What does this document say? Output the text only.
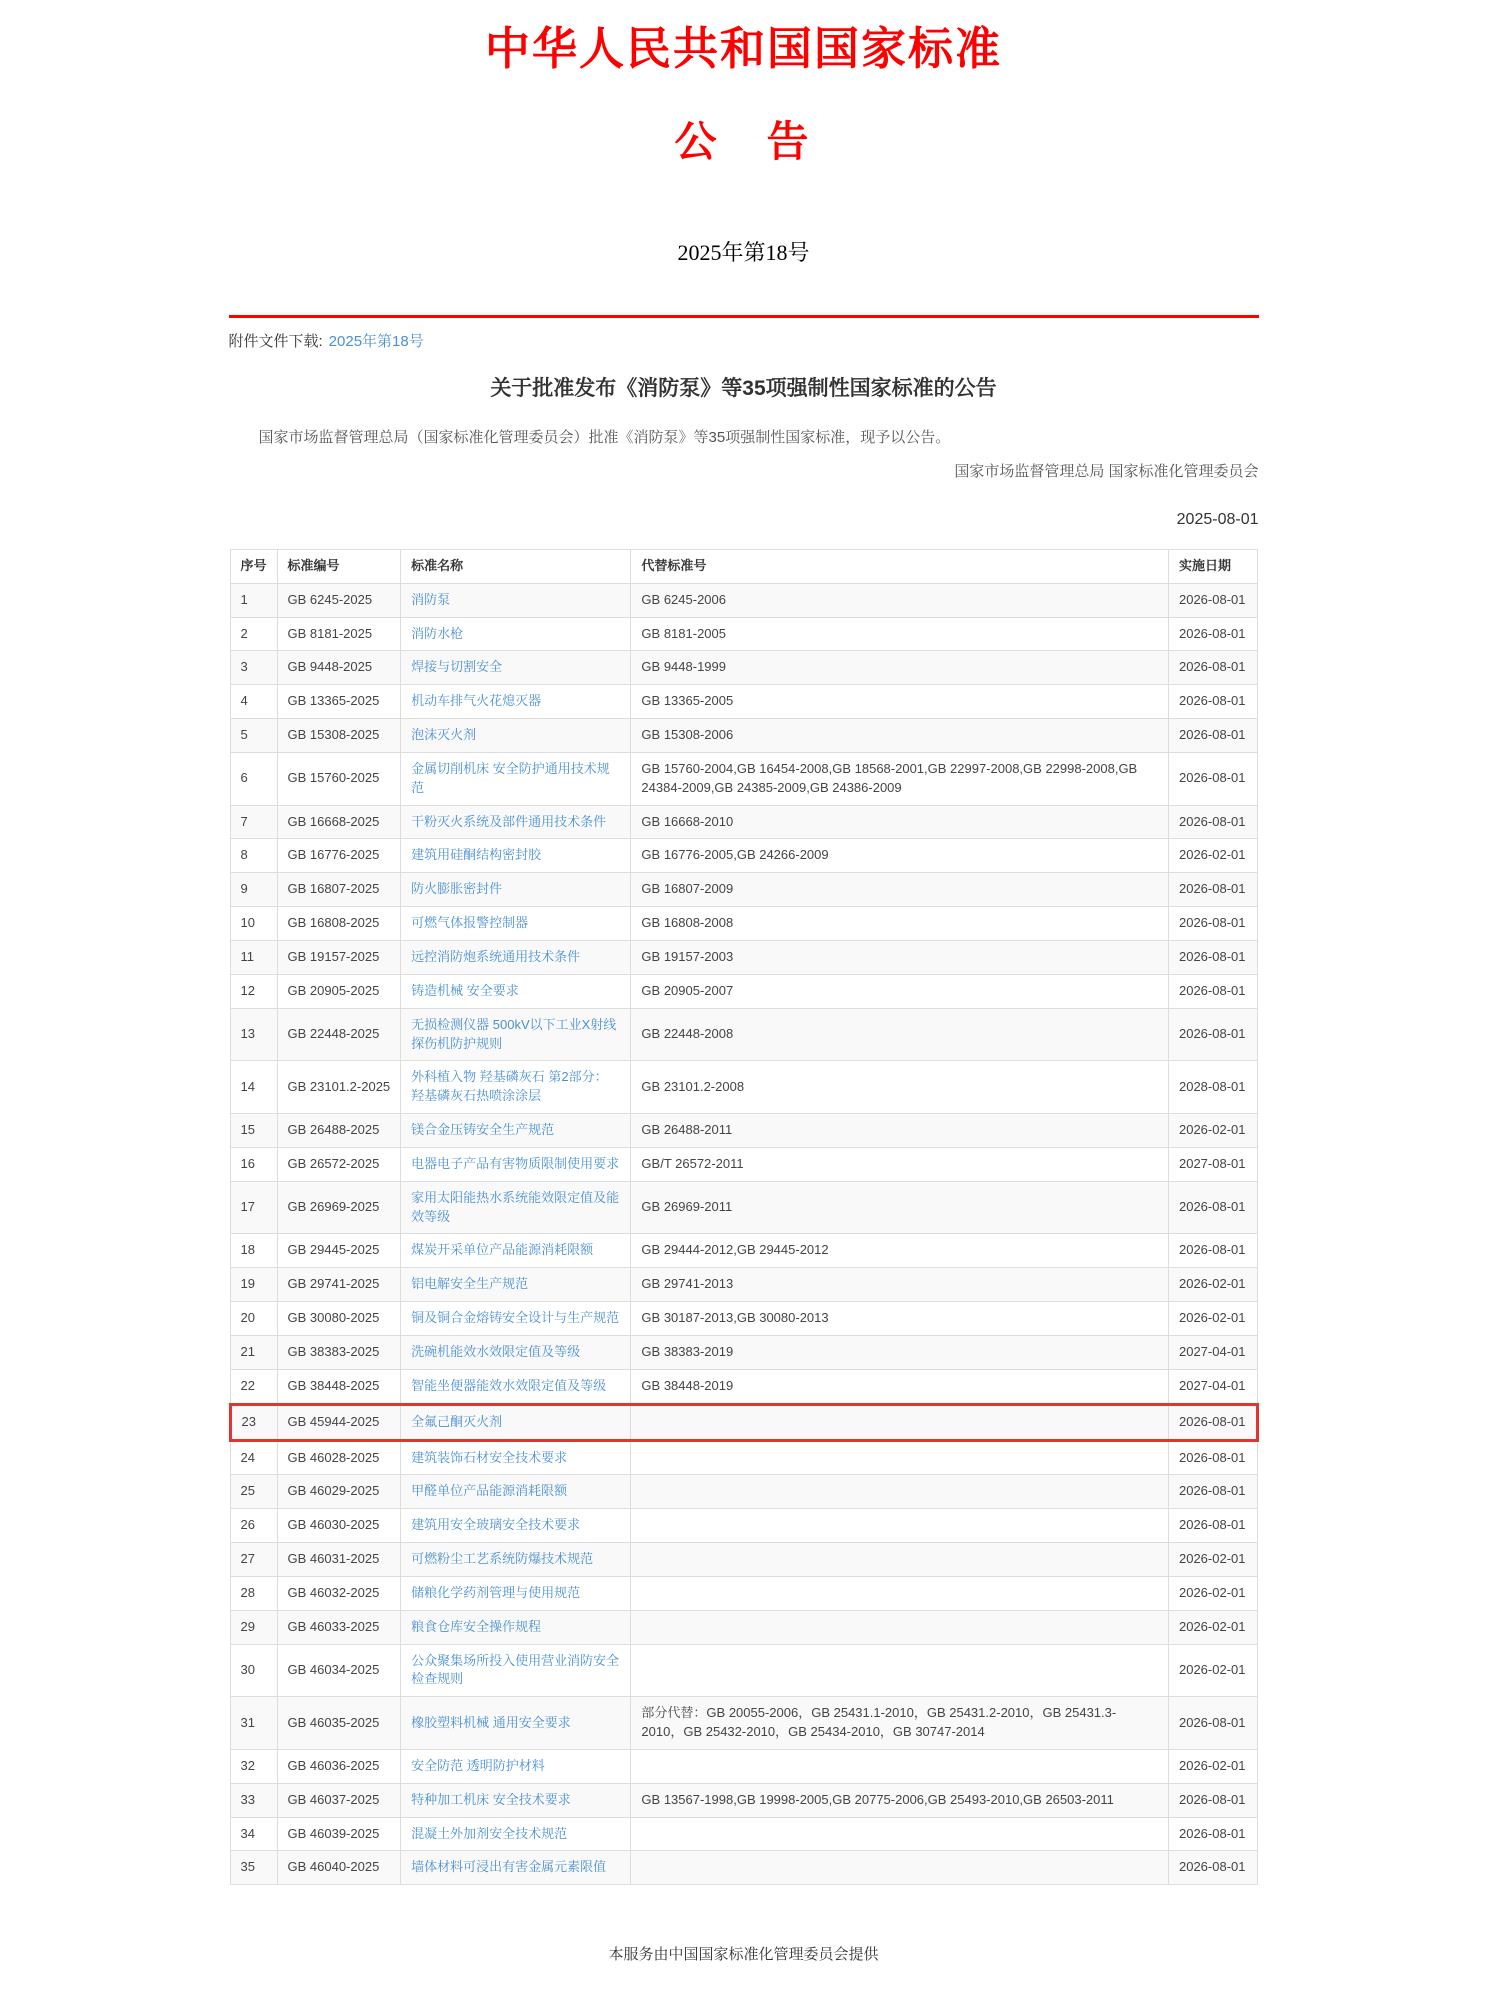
中华人民共和国国家标准
公　告
2025年第18号
附件文件下载: 2025年第18号
关于批准发布《消防泵》等35项强制性国家标准的公告
国家市场监督管理总局（国家标准化管理委员会）批准《消防泵》等35项强制性国家标准，现予以公告。
国家市场监督管理总局 国家标准化管理委员会
2025-08-01
序号	标准编号	标准名称	代替标准号	实施日期
1	GB 6245-2025	消防泵	GB 6245-2006	2026-08-01
2	GB 8181-2025	消防水枪	GB 8181-2005	2026-08-01
3	GB 9448-2025	焊接与切割安全	GB 9448-1999	2026-08-01
4	GB 13365-2025	机动车排气火花熄灭器	GB 13365-2005	2026-08-01
5	GB 15308-2025	泡沫灭火剂	GB 15308-2006	2026-08-01
6	GB 15760-2025	金属切削机床 安全防护通用技术规范	GB 15760-2004,GB 16454-2008,GB 18568-2001,GB 22997-2008,GB 22998-2008,GB 24384-2009,GB 24385-2009,GB 24386-2009	2026-08-01
7	GB 16668-2025	干粉灭火系统及部件通用技术条件	GB 16668-2010	2026-08-01
8	GB 16776-2025	建筑用硅酮结构密封胶	GB 16776-2005,GB 24266-2009	2026-02-01
9	GB 16807-2025	防火膨胀密封件	GB 16807-2009	2026-08-01
10	GB 16808-2025	可燃气体报警控制器	GB 16808-2008	2026-08-01
11	GB 19157-2025	远控消防炮系统通用技术条件	GB 19157-2003	2026-08-01
12	GB 20905-2025	铸造机械 安全要求	GB 20905-2007	2026-08-01
13	GB 22448-2025	无损检测仪器 500kV以下工业X射线探伤机防护规则	GB 22448-2008	2026-08-01
14	GB 23101.2-2025	外科植入物 羟基磷灰石 第2部分：羟基磷灰石热喷涂涂层	GB 23101.2-2008	2028-08-01
15	GB 26488-2025	镁合金压铸安全生产规范	GB 26488-2011	2026-02-01
16	GB 26572-2025	电器电子产品有害物质限制使用要求	GB/T 26572-2011	2027-08-01
17	GB 26969-2025	家用太阳能热水系统能效限定值及能效等级	GB 26969-2011	2026-08-01
18	GB 29445-2025	煤炭开采单位产品能源消耗限额	GB 29444-2012,GB 29445-2012	2026-08-01
19	GB 29741-2025	铝电解安全生产规范	GB 29741-2013	2026-02-01
20	GB 30080-2025	铜及铜合金熔铸安全设计与生产规范	GB 30187-2013,GB 30080-2013	2026-02-01
21	GB 38383-2025	洗碗机能效水效限定值及等级	GB 38383-2019	2027-04-01
22	GB 38448-2025	智能坐便器能效水效限定值及等级	GB 38448-2019	2027-04-01
23	GB 45944-2025	全氟己酮灭火剂		2026-08-01
24	GB 46028-2025	建筑装饰石材安全技术要求		2026-08-01
25	GB 46029-2025	甲醛单位产品能源消耗限额		2026-08-01
26	GB 46030-2025	建筑用安全玻璃安全技术要求		2026-08-01
27	GB 46031-2025	可燃粉尘工艺系统防爆技术规范		2026-02-01
28	GB 46032-2025	储粮化学药剂管理与使用规范		2026-02-01
29	GB 46033-2025	粮食仓库安全操作规程		2026-02-01
30	GB 46034-2025	公众聚集场所投入使用营业消防安全检查规则		2026-02-01
31	GB 46035-2025	橡胶塑料机械 通用安全要求	部分代替：GB 20055-2006，GB 25431.1-2010，GB 25431.2-2010，GB 25431.3-2010，GB 25432-2010，GB 25434-2010，GB 30747-2014	2026-08-01
32	GB 46036-2025	安全防范 透明防护材料		2026-02-01
33	GB 46037-2025	特种加工机床 安全技术要求	GB 13567-1998,GB 19998-2005,GB 20775-2006,GB 25493-2010,GB 26503-2011	2026-08-01
34	GB 46039-2025	混凝土外加剂安全技术规范		2026-08-01
35	GB 46040-2025	墙体材料可浸出有害金属元素限值		2026-08-01
本服务由中国国家标准化管理委员会提供
